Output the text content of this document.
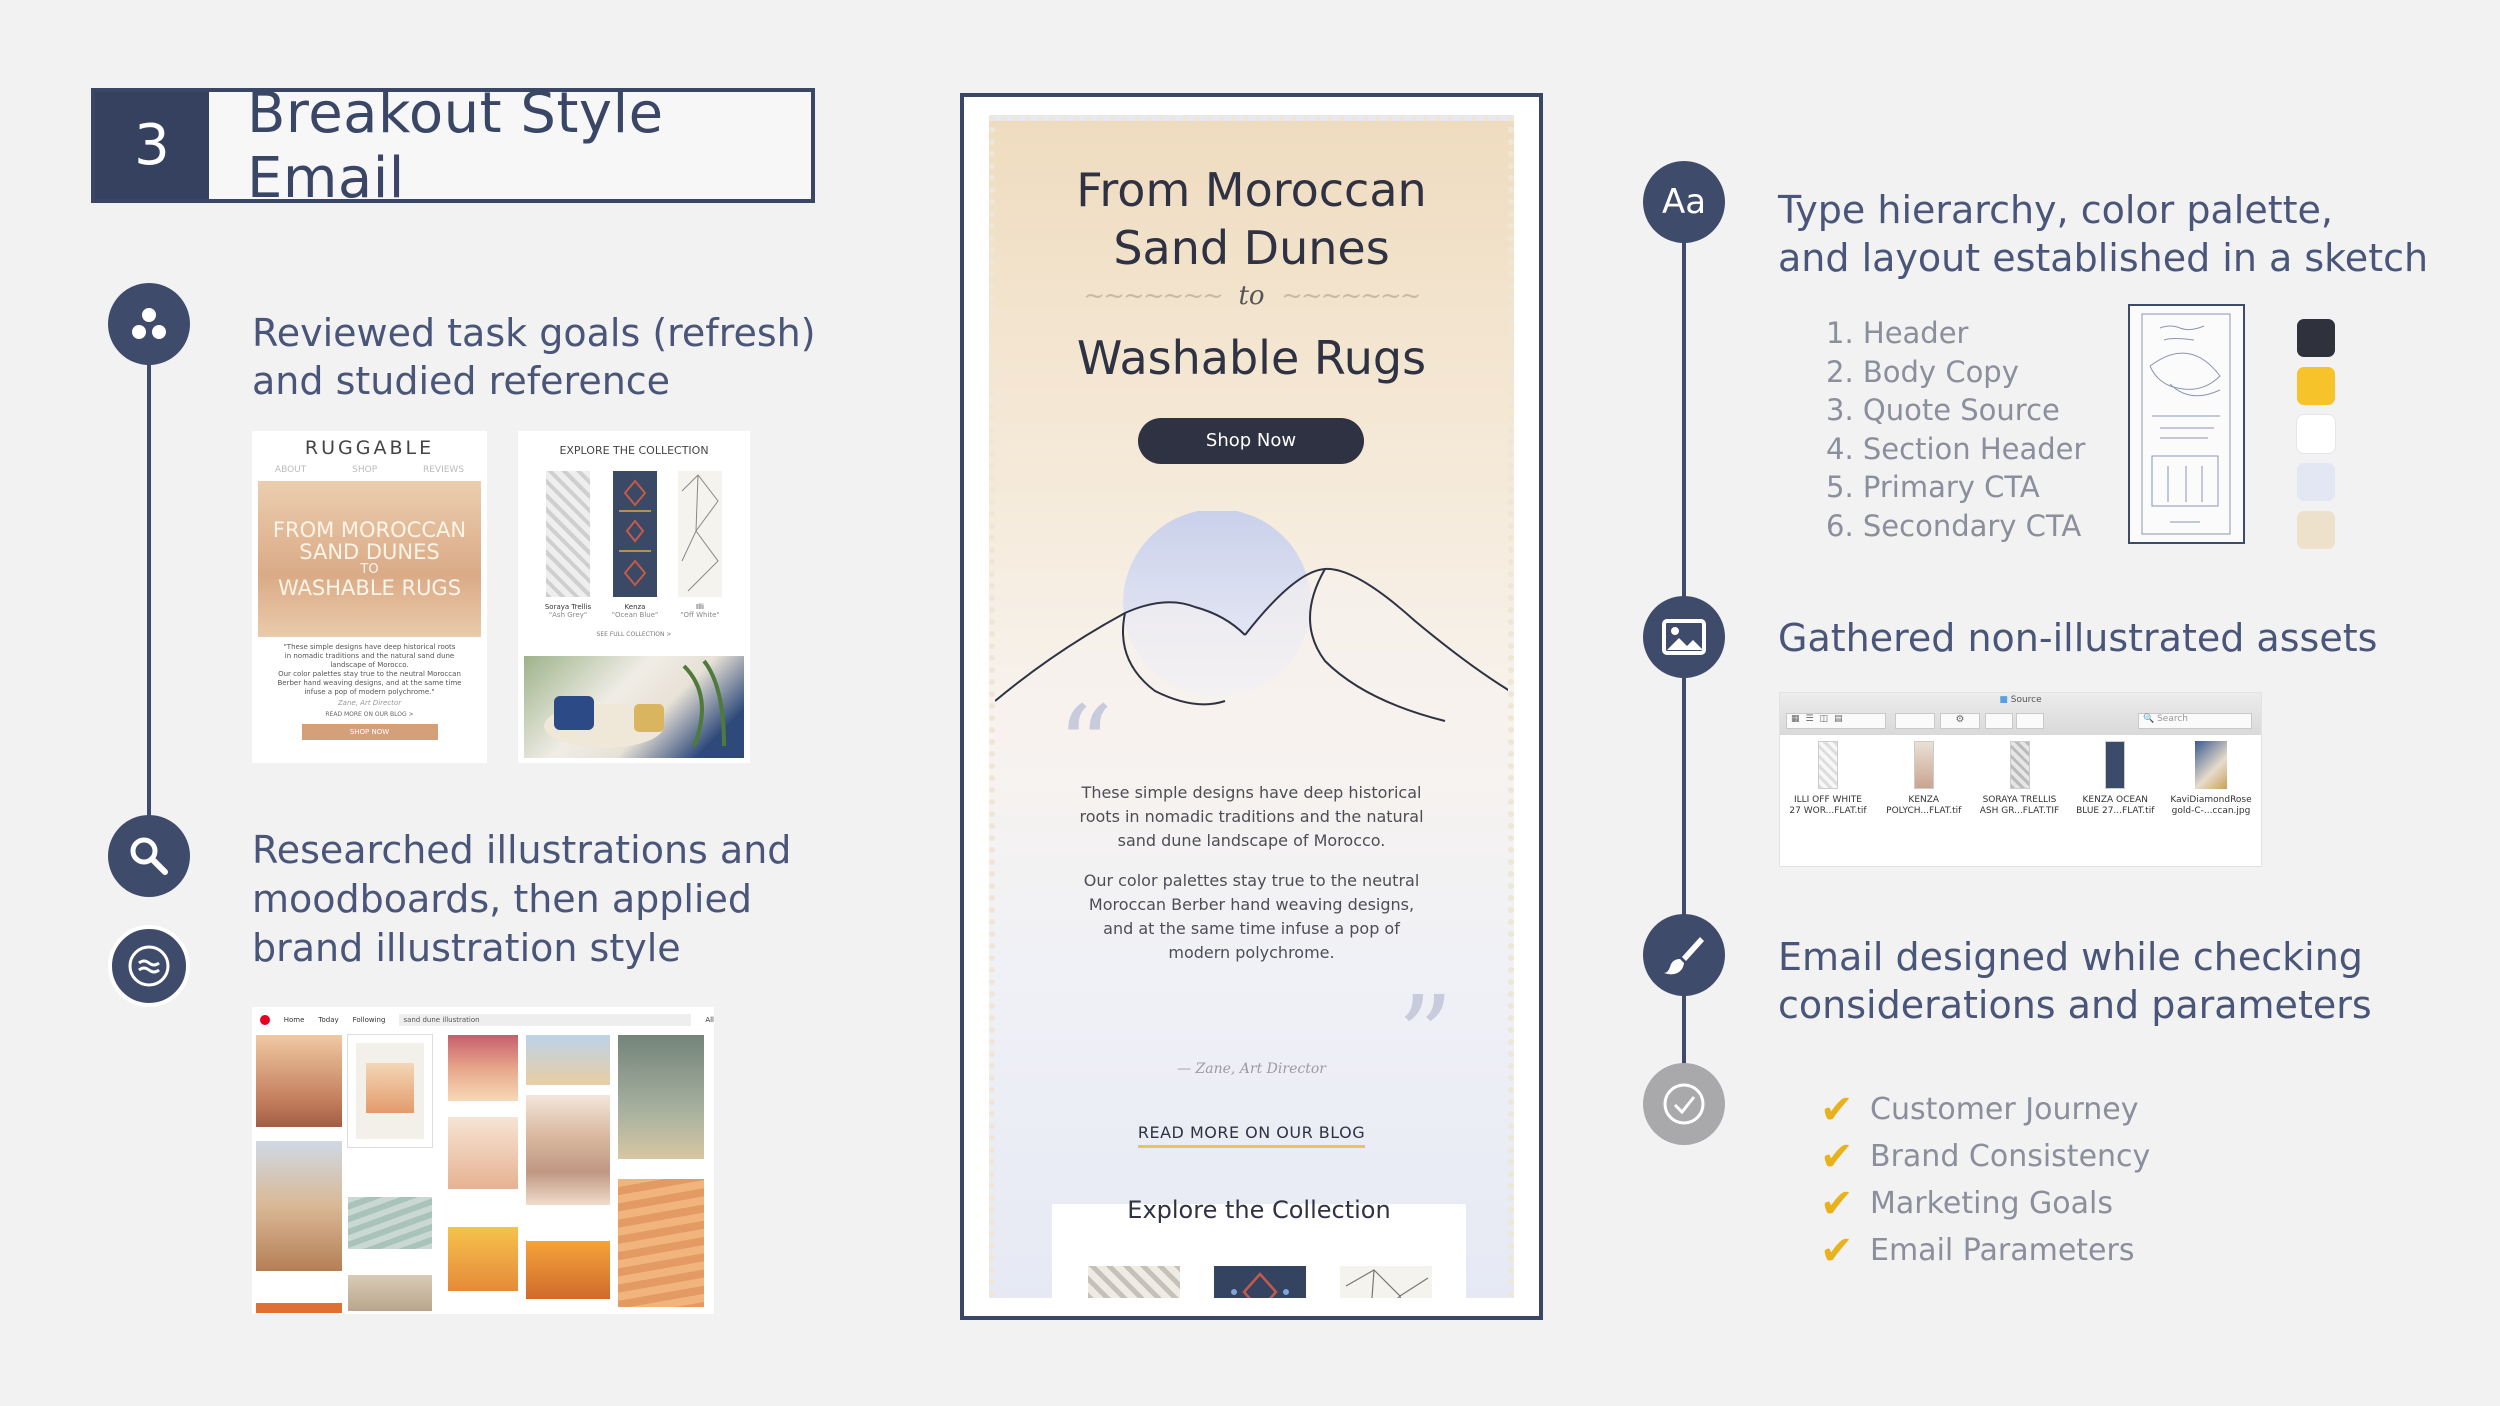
3	Breakout Style Email
Reviewed task goals (refresh)
and studied reference
RUGGABLE
ABOUT	SHOP	REVIEWS
FROM MOROCCAN
SAND DUNES
TO
WASHABLE RUGS
"These simple designs have deep historical roots
in nomadic traditions and the natural sand dune
landscape of Morocco.
Our color palettes stay true to the neutral Moroccan
Berber hand weaving designs, and at the same time
infuse a pop of modern polychrome."
Zane, Art Director
READ MORE ON OUR BLOG >
SHOP NOW
EXPLORE THE COLLECTION
Soraya Trellis
"Ash Grey"
Kenza
"Ocean Blue"
Illi
"Off White"
SEE FULL COLLECTION >
Researched illustrations and
moodboards, then applied
brand illustration style
Home Today Following	sand dune illustration	All
From Moroccan
Sand Dunes
~~~~~~~ to ~~~~~~~
Washable Rugs
Shop Now
“
These simple designs have deep historical
roots in nomadic traditions and the natural
sand dune landscape of Morocco.
Our color palettes stay true to the neutral
Moroccan Berber hand weaving designs,
and at the same time infuse a pop of
modern polychrome.
”
— Zane, Art Director
READ MORE ON OUR BLOG
Explore the Collection
Aa Type hierarchy, color palette,
and layout established in a sketch
1. Header
2. Body Copy
3. Quote Source
4. Section Header
5. Primary CTA
6. Secondary CTA
Gathered non-illustrated assets
■ Source
▦☰◫▤	⚙	🔍 Search
ILLI OFF WHITE
27 WOR...FLAT.tif
KENZA
POLYCH...FLAT.tif
SORAYA TRELLIS
ASH GR...FLAT.TIF
KENZA OCEAN
BLUE 27...FLAT.tif
KaviDiamondRose
gold-C-...ccan.jpg
Email designed while checking
considerations and parameters
✔ Customer Journey
✔ Brand Consistency
✔ Marketing Goals
✔ Email Parameters
